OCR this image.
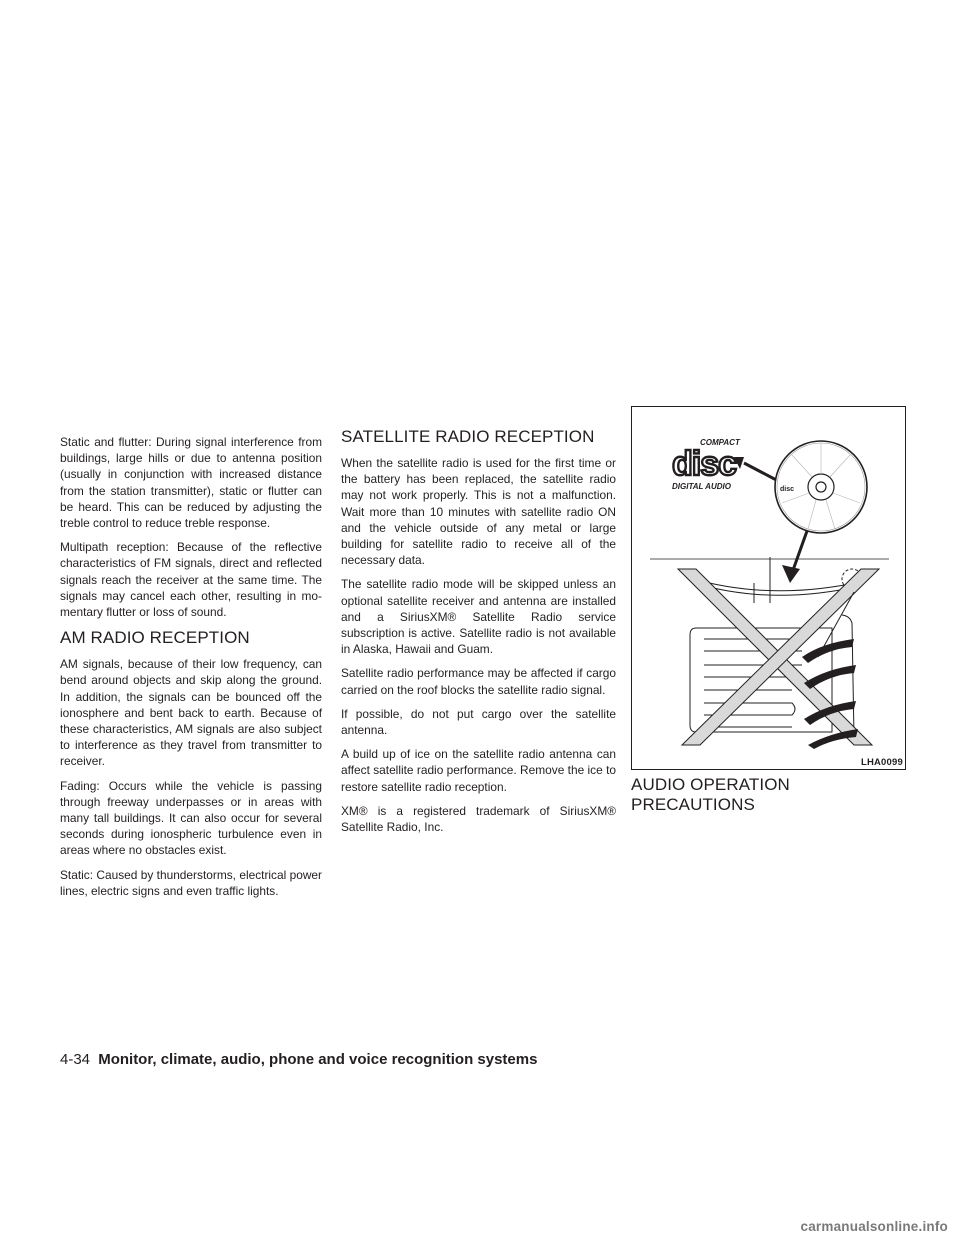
Static and flutter: During signal interference from buildings, large hills or due to antenna position (usually in conjunction with increased distance from the station transmitter), static or flutter can be heard. This can be reduced by adjusting the treble control to reduce treble response.

Multipath reception: Because of the reflective characteristics of FM signals, direct and reflected signals reach the receiver at the same time. The signals may cancel each other, resulting in momentary flutter or loss of sound.

AM RADIO RECEPTION

AM signals, because of their low frequency, can bend around objects and skip along the ground. In addition, the signals can be bounced off the ionosphere and bent back to earth. Because of these characteristics, AM signals are also subject to interference as they travel from transmitter to receiver.

Fading: Occurs while the vehicle is passing through freeway underpasses or in areas with many tall buildings. It can also occur for several seconds during ionospheric turbulence even in areas where no obstacles exist.

Static: Caused by thunderstorms, electrical power lines, electric signs and even traffic lights.

SATELLITE RADIO RECEPTION

When the satellite radio is used for the first time or the battery has been replaced, the satellite radio may not work properly. This is not a malfunction. Wait more than 10 minutes with satellite radio ON and the vehicle outside of any metal or large building for satellite radio to receive all of the necessary data.

The satellite radio mode will be skipped unless an optional satellite receiver and antenna are installed and a SiriusXM® Satellite Radio service subscription is active. Satellite radio is not available in Alaska, Hawaii and Guam.

Satellite radio performance may be affected if cargo carried on the roof blocks the satellite radio signal.

If possible, do not put cargo over the satellite antenna.

A build up of ice on the satellite radio antenna can affect satellite radio performance. Remove the ice to restore satellite radio reception.

XM® is a registered trademark of SiriusXM® Satellite Radio, Inc.

COMPACT
disc
DIGITAL AUDIO	disc
LHA0099
AUDIO OPERATION PRECAUTIONS
4-34 Monitor, climate, audio, phone and voice recognition systems
carmanualsonline.info
